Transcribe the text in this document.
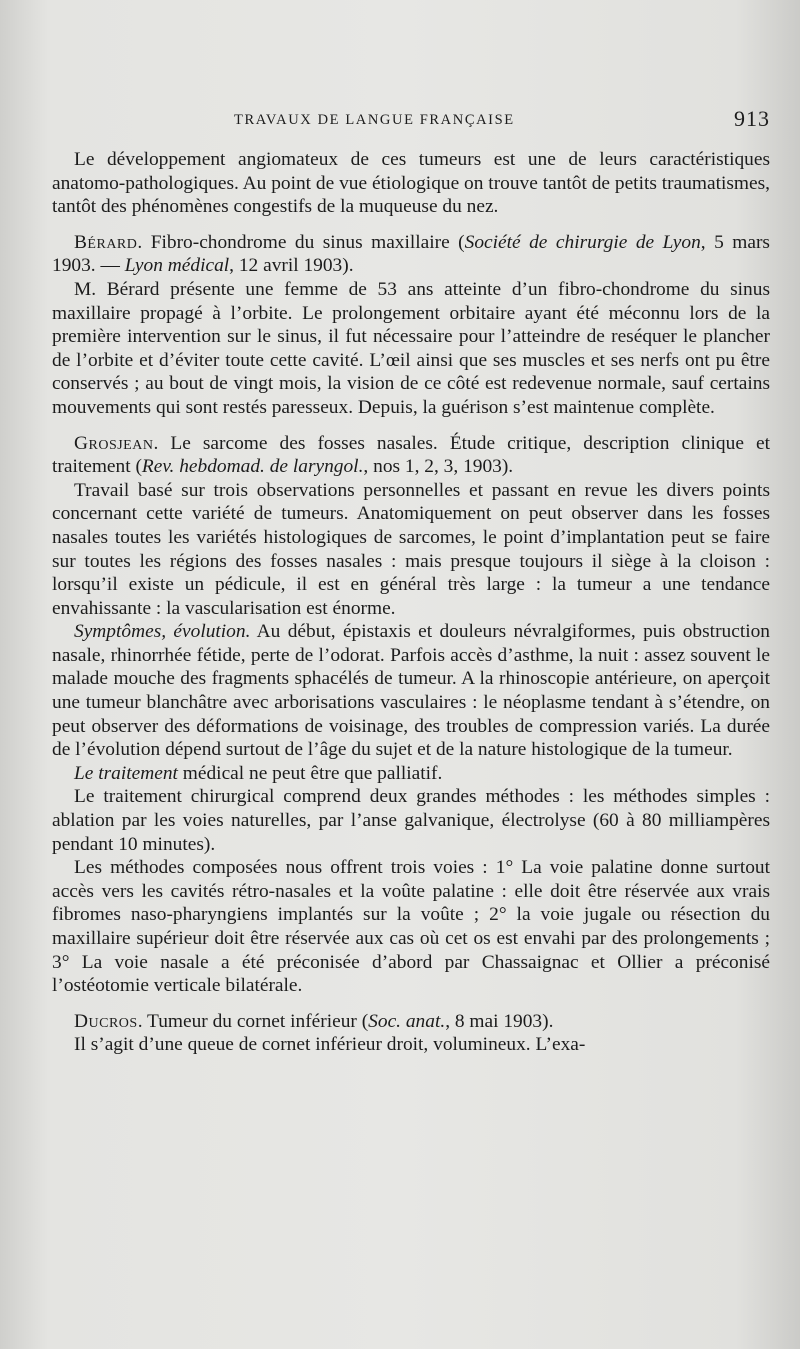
TRAVAUX DE LANGUE FRANÇAISE	913

Le développement angiomateux de ces tumeurs est une de leurs caractéristiques anatomo-pathologiques. Au point de vue étiologique on trouve tantôt de petits traumatismes, tantôt des phénomènes congestifs de la muqueuse du nez.

Bérard. Fibro-chondrome du sinus maxillaire (Société de chirurgie de Lyon, 5 mars 1903. — Lyon médical, 12 avril 1903).

M. Bérard présente une femme de 53 ans atteinte d’un fibro-chondrome du sinus maxillaire propagé à l’orbite. Le prolongement orbitaire ayant été méconnu lors de la première intervention sur le sinus, il fut nécessaire pour l’atteindre de reséquer le plancher de l’orbite et d’éviter toute cette cavité. L’œil ainsi que ses muscles et ses nerfs ont pu être conservés ; au bout de vingt mois, la vision de ce côté est redevenue normale, sauf certains mouvements qui sont restés paresseux. Depuis, la guérison s’est maintenue complète.

Grosjean. Le sarcome des fosses nasales. Étude critique, description clinique et traitement (Rev. hebdomad. de laryngol., nos 1, 2, 3, 1903).

Travail basé sur trois observations personnelles et passant en revue les divers points concernant cette variété de tumeurs. Anatomiquement on peut observer dans les fosses nasales toutes les variétés histologiques de sarcomes, le point d’implantation peut se faire sur toutes les régions des fosses nasales : mais presque toujours il siège à la cloison : lorsqu’il existe un pédicule, il est en général très large : la tumeur a une tendance envahissante : la vascularisation est énorme.

Symptômes, évolution. Au début, épistaxis et douleurs névralgiformes, puis obstruction nasale, rhinorrhée fétide, perte de l’odorat. Parfois accès d’asthme, la nuit : assez souvent le malade mouche des fragments sphacélés de tumeur. A la rhinoscopie antérieure, on aperçoit une tumeur blanchâtre avec arborisations vasculaires : le néoplasme tendant à s’étendre, on peut observer des déformations de voisinage, des troubles de compression variés. La durée de l’évolution dépend surtout de l’âge du sujet et de la nature histologique de la tumeur.

Le traitement médical ne peut être que palliatif.

Le traitement chirurgical comprend deux grandes méthodes : les méthodes simples : ablation par les voies naturelles, par l’anse galvanique, électrolyse (60 à 80 milliampères pendant 10 minutes).

Les méthodes composées nous offrent trois voies : 1° La voie palatine donne surtout accès vers les cavités rétro-nasales et la voûte palatine : elle doit être réservée aux vrais fibromes naso-pharyngiens implantés sur la voûte ; 2° la voie jugale ou résection du maxillaire supérieur doit être réservée aux cas où cet os est envahi par des prolongements ; 3° La voie nasale a été préconisée d’abord par Chassaignac et Ollier a préconisé l’ostéotomie verticale bilatérale.

Ducros. Tumeur du cornet inférieur (Soc. anat., 8 mai 1903).

Il s’agit d’une queue de cornet inférieur droit, volumineux. L’exa-
